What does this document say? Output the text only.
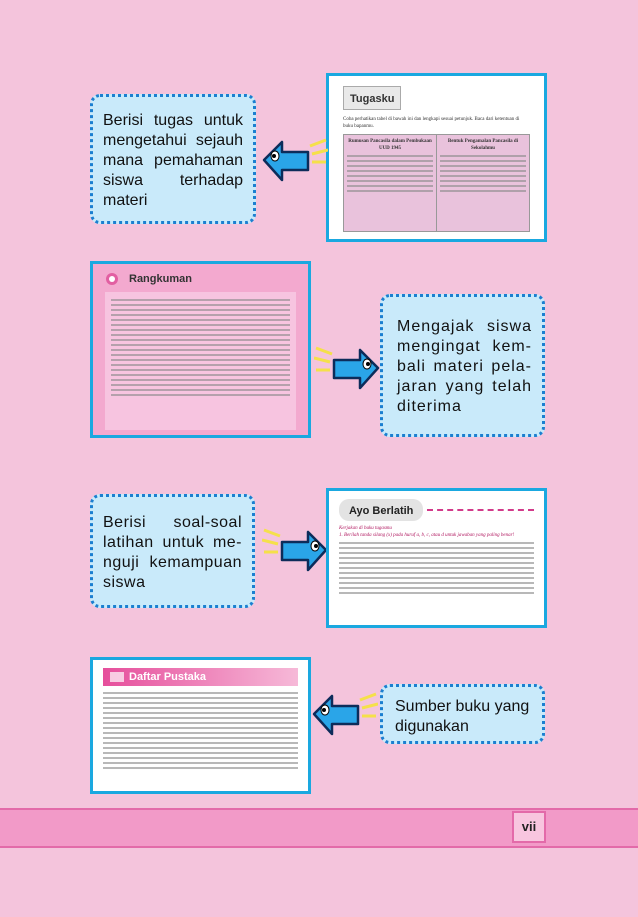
Tugasku
Coba perhatikan tabel di bawah ini dan lengkapi sesuai petunjuk. Baca dari ketentuan di buku bapanmu.
Rumusan Pancasila dalam Pembukaan UUD 1945
Bentuk Pengamalan Pancasila di Sekolahmu
Berisi tugas untuk mengetahui sejauh mana pemahaman siswa terhadap materi
Rangkuman
Mengajak siswa mengingat kem-bali materi pela-jaran yang telah diterima
Berisi soal-soal latihan untuk me-nguji kemampuan siswa
Ayo Berlatih
Kerjakan di buku tugasmu
1. Berilah tanda silang (x) pada huruf a, b, c, atau d untuk jawaban yang paling benar!
Daftar Pustaka
Sumber buku yang digunakan
vii
